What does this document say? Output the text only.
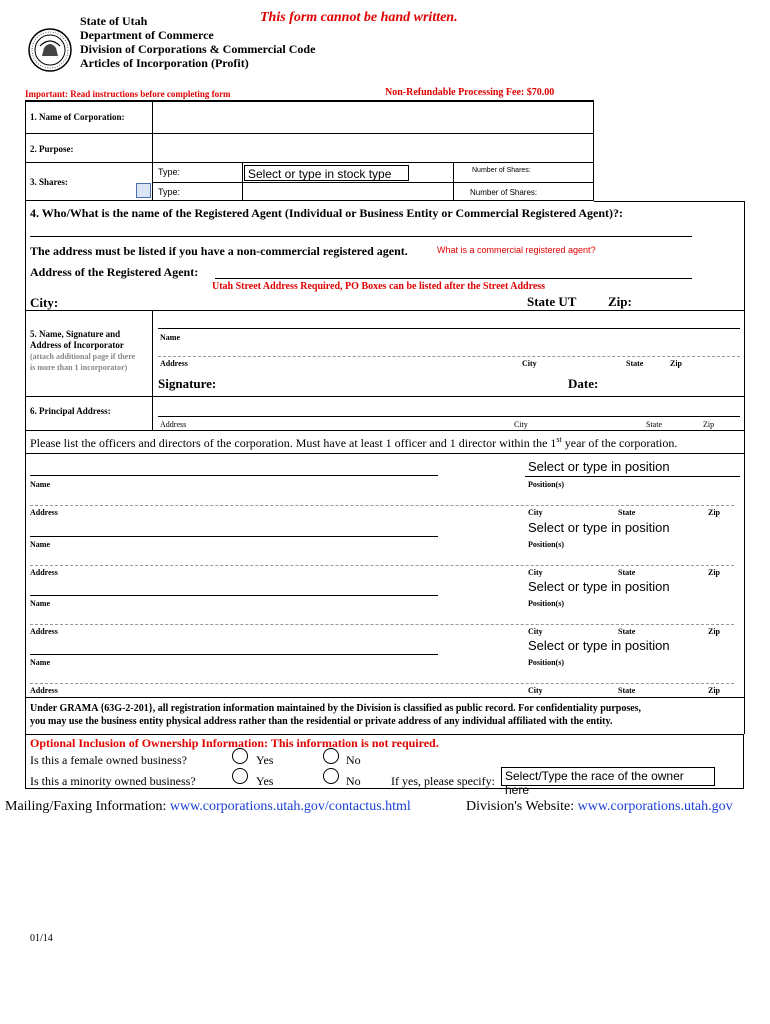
State of Utah
Department of Commerce
Division of Corporations & Commercial Code
Articles of Incorporation (Profit)
This form cannot be hand written.
Important: Read instructions before completing form	Non-Refundable Processing Fee: $70.00
1. Name of Corporation:
2. Purpose:
3. Shares:
Type:	Select or type in stock type	Number of Shares:
Type:	Number of Shares:
4. Who/What is the name of the Registered Agent (Individual or Business Entity or Commercial Registered Agent)?:
The address must be listed if you have a non-commercial registered agent.	What is a commercial registered agent?
Address of the Registered Agent:
Utah Street Address Required, PO Boxes can be listed after the Street Address
City:	State UT Zip:
5. Name, Signature and
Address of Incorporator
(attach additional page if there
is more than 1 incorporator)
Name
Address	City	State	Zip
Signature:	Date:
6. Principal Address:
Address	City	State	Zip
Please list the officers and directors of the corporation. Must have at least 1 officer and 1 director within the 1st year of the corporation.
Select or type in position
Name	Position(s)
Address	City	State	Zip
Select or type in position
Name	Position(s)
Address	City	State	Zip
Select or type in position
Name	Position(s)
Address	City	State	Zip
Select or type in position
Name	Position(s)
Address	City	State	Zip
Under GRAMA {63G-2-201}, all registration information maintained by the Division is classified as public record. For confidentiality purposes,
you may use the business entity physical address rather than the residential or private address of any individual affiliated with the entity.
Optional Inclusion of Ownership Information: This information is not required.
Is this a female owned business?	Yes	No
Is this a minority owned business?	Yes	No	If yes, please specify: Select/Type the race of the owner here
Mailing/Faxing Information: www.corporations.utah.gov/contactus.html	Division's Website: www.corporations.utah.gov
01/14
